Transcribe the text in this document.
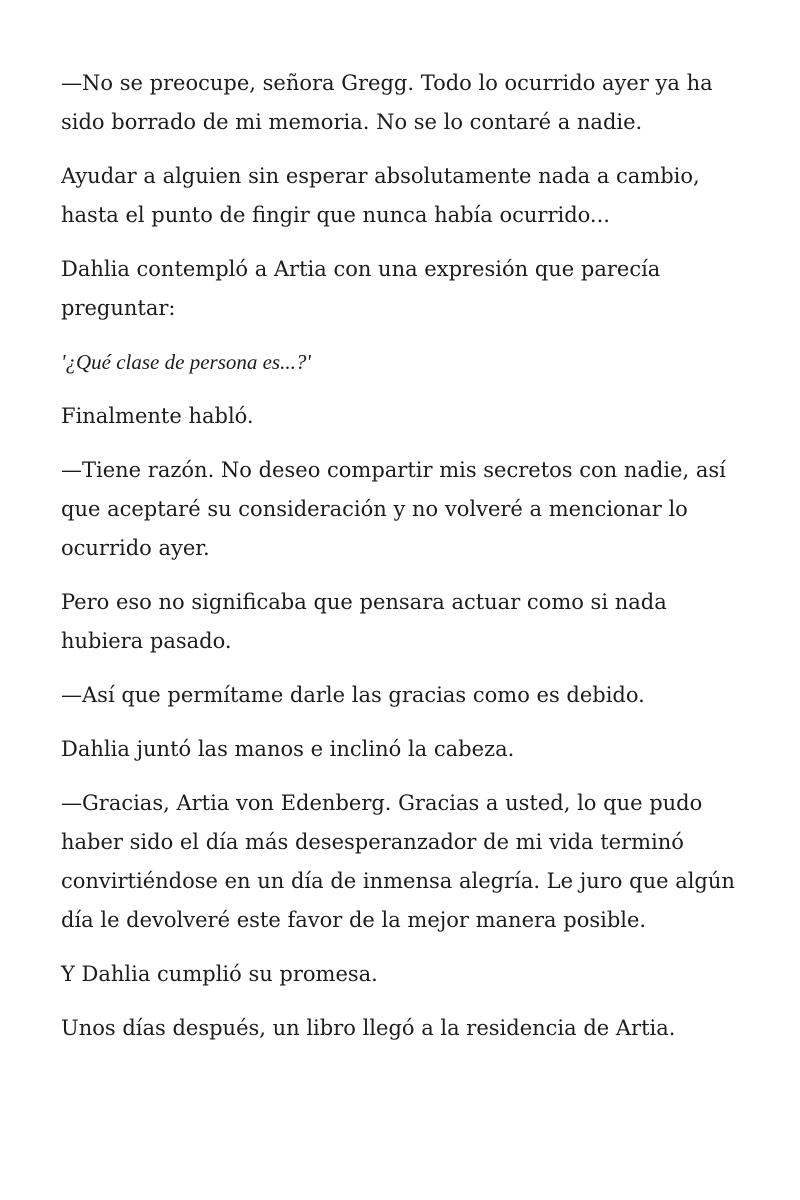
—No se preocupe, señora Gregg. Todo lo ocurrido ayer ya ha sido borrado de mi memoria. No se lo contaré a nadie.

Ayudar a alguien sin esperar absolutamente nada a cambio, hasta el punto de fingir que nunca había ocurrido...

Dahlia contempló a Artia con una expresión que parecía preguntar:

'¿Qué clase de persona es...?'

Finalmente habló.

—Tiene razón. No deseo compartir mis secretos con nadie, así que aceptaré su consideración y no volveré a mencionar lo ocurrido ayer.

Pero eso no significaba que pensara actuar como si nada hubiera pasado.

—Así que permítame darle las gracias como es debido.

Dahlia juntó las manos e inclinó la cabeza.

—Gracias, Artia von Edenberg. Gracias a usted, lo que pudo haber sido el día más desesperanzador de mi vida terminó convirtiéndose en un día de inmensa alegría. Le juro que algún día le devolveré este favor de la mejor manera posible.

Y Dahlia cumplió su promesa.

Unos días después, un libro llegó a la residencia de Artia.
